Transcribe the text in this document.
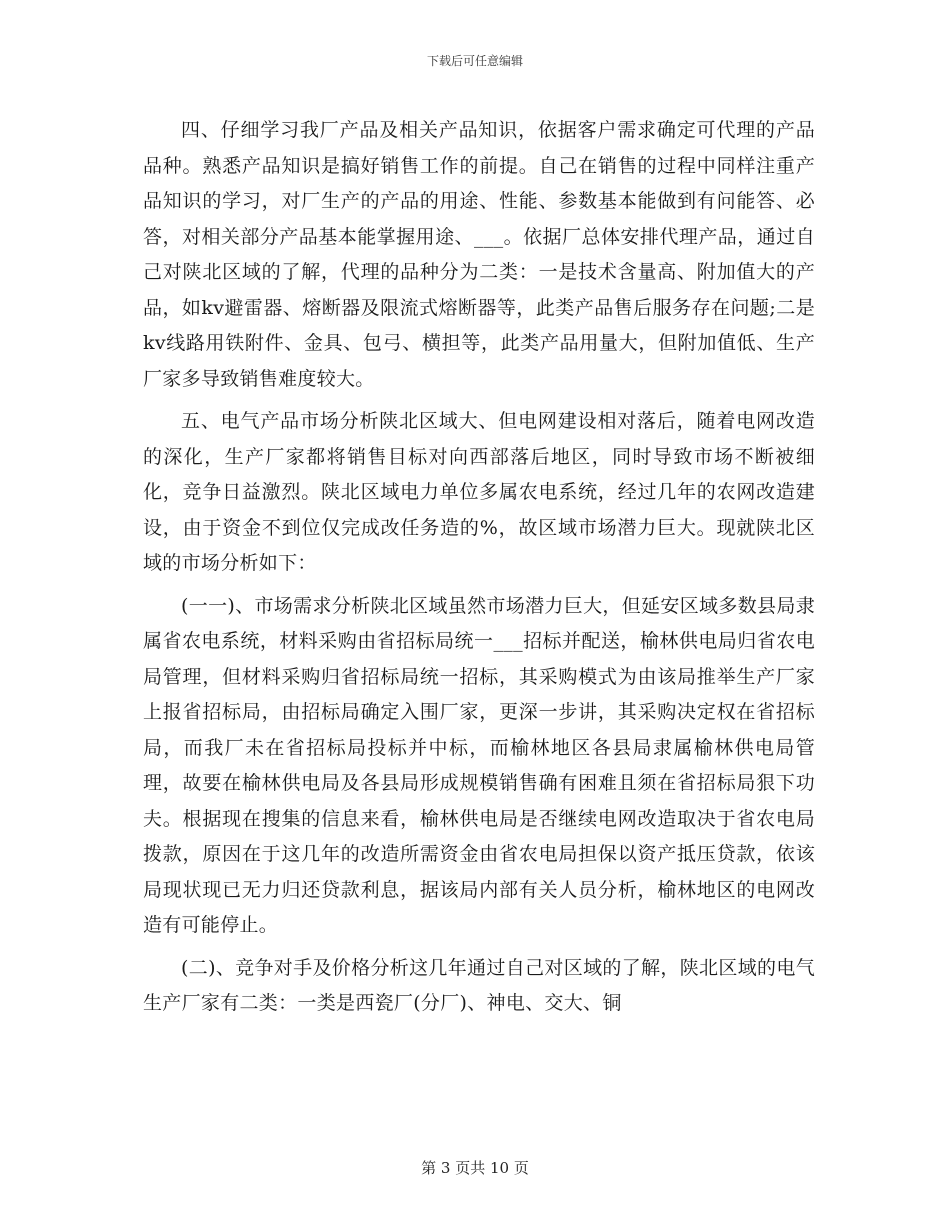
下载后可任意编辑

四、仔细学习我厂产品及相关产品知识，依据客户需求确定可代理的产品品种。熟悉产品知识是搞好销售工作的前提。自己在销售的过程中同样注重产品知识的学习，对厂生产的产品的用途、性能、参数基本能做到有问能答、必答，对相关部分产品基本能掌握用途、___。依据厂总体安排代理产品，通过自己对陕北区域的了解，代理的品种分为二类：一是技术含量高、附加值大的产品，如kv避雷器、熔断器及限流式熔断器等，此类产品售后服务存在问题;二是kv线路用铁附件、金具、包弓、横担等，此类产品用量大，但附加值低、生产厂家多导致销售难度较大。

五、电气产品市场分析陕北区域大、但电网建设相对落后，随着电网改造的深化，生产厂家都将销售目标对向西部落后地区，同时导致市场不断被细化，竞争日益激烈。陕北区域电力单位多属农电系统，经过几年的农网改造建设，由于资金不到位仅完成改任务造的%，故区域市场潜力巨大。现就陕北区域的市场分析如下：

(一一)、市场需求分析陕北区域虽然市场潜力巨大，但延安区域多数县局隶属省农电系统，材料采购由省招标局统一___招标并配送，榆林供电局归省农电局管理，但材料采购归省招标局统一招标，其采购模式为由该局推举生产厂家上报省招标局，由招标局确定入围厂家，更深一步讲，其采购决定权在省招标局，而我厂未在省招标局投标并中标，而榆林地区各县局隶属榆林供电局管理，故要在榆林供电局及各县局形成规模销售确有困难且须在省招标局狠下功夫。根据现在搜集的信息来看，榆林供电局是否继续电网改造取决于省农电局拨款，原因在于这几年的改造所需资金由省农电局担保以资产抵压贷款，依该局现状现已无力归还贷款利息，据该局内部有关人员分析，榆林地区的电网改造有可能停止。

(二)、竞争对手及价格分析这几年通过自己对区域的了解，陕北区域的电气生产厂家有二类：一类是西瓷厂(分厂)、神电、交大、铜

第 3 页共 10 页
